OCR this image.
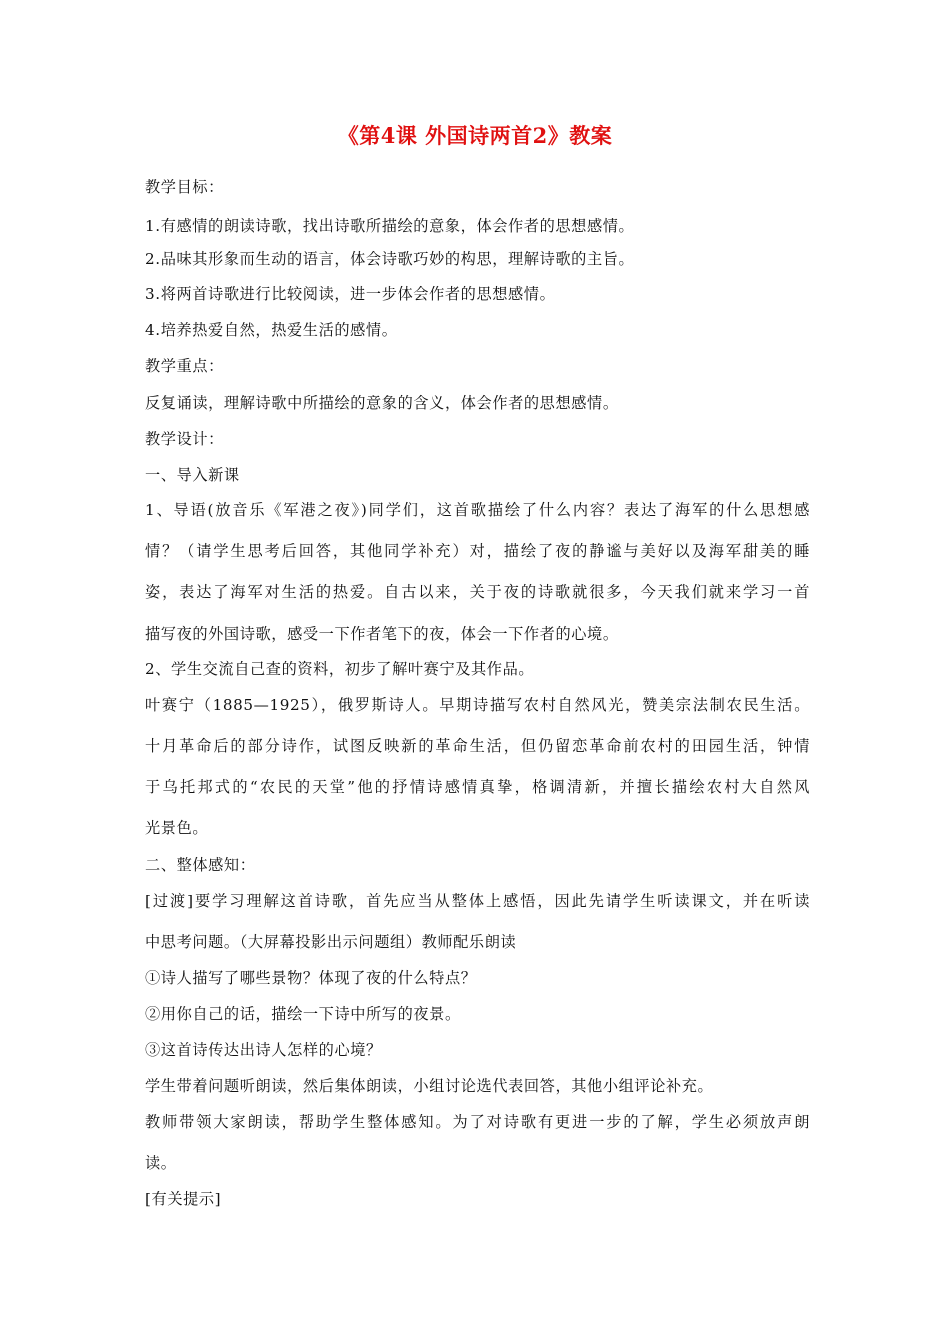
《第4课 外国诗两首2》教案
教学目标：
1.有感情的朗读诗歌，找出诗歌所描绘的意象，体会作者的思想感情。
2.品味其形象而生动的语言，体会诗歌巧妙的构思，理解诗歌的主旨。
3.将两首诗歌进行比较阅读，进一步体会作者的思想感情。
4.培养热爱自然，热爱生活的感情。
教学重点：
反复诵读，理解诗歌中所描绘的意象的含义，体会作者的思想感情。
教学设计：
一、导入新课
1、导语(放音乐《军港之夜》)同学们，这首歌描绘了什么内容？表达了海军的什么思想感
情？（请学生思考后回答，其他同学补充）对，描绘了夜的静谧与美好以及海军甜美的睡
姿，表达了海军对生活的热爱。自古以来，关于夜的诗歌就很多，今天我们就来学习一首
描写夜的外国诗歌，感受一下作者笔下的夜，体会一下作者的心境。
2、学生交流自己查的资料，初步了解叶赛宁及其作品。
叶赛宁（1885—1925），俄罗斯诗人。早期诗描写农村自然风光，赞美宗法制农民生活。
十月革命后的部分诗作，试图反映新的革命生活，但仍留恋革命前农村的田园生活，钟情
于乌托邦式的“农民的天堂”他的抒情诗感情真挚，格调清新，并擅长描绘农村大自然风
光景色。
二、整体感知：
[过渡]要学习理解这首诗歌，首先应当从整体上感悟，因此先请学生听读课文，并在听读
中思考问题。（大屏幕投影出示问题组）教师配乐朗读
①诗人描写了哪些景物？体现了夜的什么特点？
②用你自己的话，描绘一下诗中所写的夜景。
③这首诗传达出诗人怎样的心境？
学生带着问题听朗读，然后集体朗读，小组讨论选代表回答，其他小组评论补充。
教师带领大家朗读，帮助学生整体感知。为了对诗歌有更进一步的了解，学生必须放声朗
读。
[有关提示]
